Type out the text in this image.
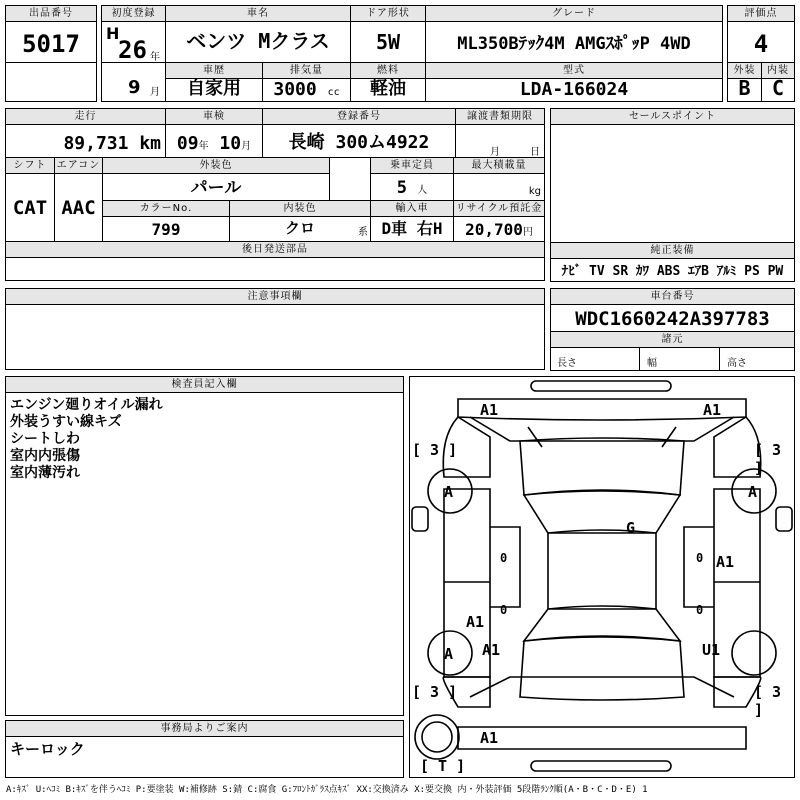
出品番号
5017
初度登録
H
26 年
9 月
車名
ベンツ Mクラス
ドア形状
5W
グレード
ML350Bﾃｯｸ4M AMGｽﾎﾟｯP 4WD
評価点
4
車歴
自家用
排気量
3000 cc
燃料
軽油
型式
LDA-166024
外装
B
内装
C
走行
89,731 km
車検
09年 10月
登録番号
長崎 300ム4922
譲渡書類期限
月	日
セールスポイント
シフト
CAT
エアコン
AAC
外装色
パール
乗車定員
5 人
最大積載量
kg
カラーNo.
799
内装色
クロ	系
輸入車
D車 右H
リサイクル預託金
20,700円
後日発送部品	純正装備
ﾅﾋﾞ TV SR ｶﾜ ABS ｴｱB ｱﾙﾐ PS PW
注意事項欄	車台番号
WDC1660242A397783
諸元
長さ	幅	高さ
検査員記入欄
エンジン廻りオイル漏れ
外装うすい線キズ
シートしわ
室内内張傷
室内薄汚れ
事務局よりご案内
キーロック
A1	A1
[ 3 ]	[ 3 ]
A	A
G
0	0 A1
0	0
A1
A1
A	U1
[ 3 ]	[ 3 ]
A1
[ T ]
A:ｷｽﾞ U:ﾍｺﾐ B:ｷｽﾞを伴うﾍｺﾐ P:要塗装 W:補修跡 S:錆 C:腐食 G:ﾌﾛﾝﾄｶﾞﾗｽ点ｷｽﾞ XX:交換済み X:要交換 内・外装評価 5段階ﾗﾝｸ順(A・B・C・D・E) 1
